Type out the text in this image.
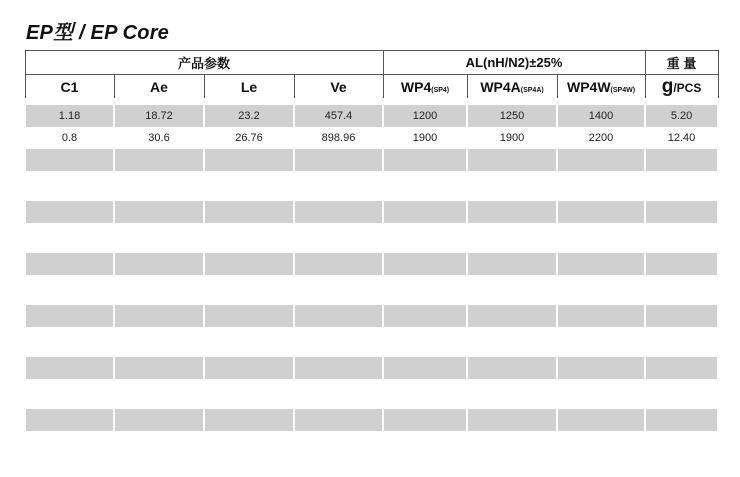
EP型 / EP Core
产品参数				AL(nH/N2)±25%			重 量
C1	Ae	Le	Ve	WP4(SP4)	WP4A(SP4A)	WP4W(SP4W)	g/PCS
1.18	18.72	23.2	457.4	1200	1250	1400	5.20
0.8	30.6	26.76	898.96	1900	1900	2200	12.40
